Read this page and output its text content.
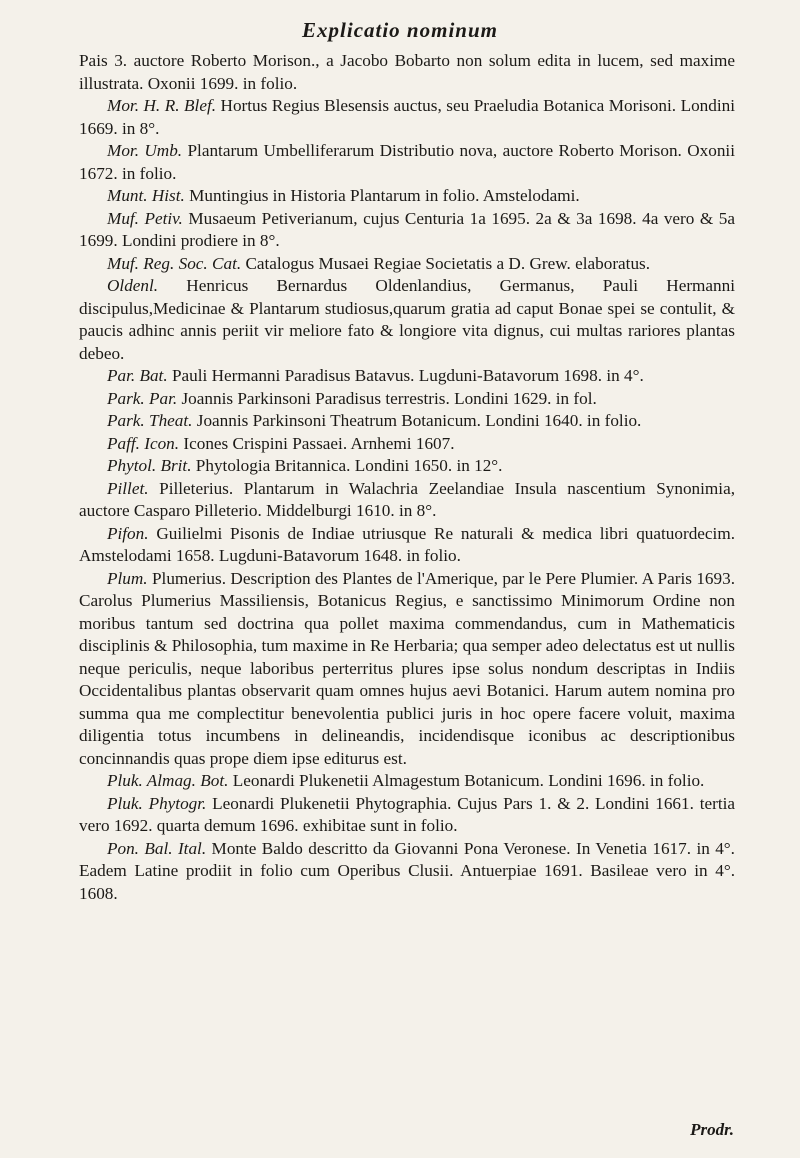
Explicatio nominum

Pais 3. auctore Roberto Morison., a Jacobo Bobarto non solum edita in lucem, sed maxime illustrata. Oxonii 1699. in folio.

Mor. H. R. Blef. Hortus Regius Blesensis auctus, seu Praeludia Botanica Morisoni. Londini 1669. in 8°.

Mor. Umb. Plantarum Umbelliferarum Distributio nova, auctore Roberto Morison. Oxonii 1672. in folio.

Munt. Hist. Muntingius in Historia Plantarum in folio. Amstelodami.

Muf. Petiv. Musaeum Petiverianum, cujus Centuria 1a 1695. 2a & 3a 1698. 4a vero & 5a 1699. Londini prodiere in 8°.

Muf. Reg. Soc. Cat. Catalogus Musaei Regiae Societatis a D. Grew. elaboratus.

Oldenl. Henricus Bernardus Oldenlandius, Germanus, Pauli Hermanni discipulus,Medicinae & Plantarum studiosus,quarum gratia ad caput Bonae spei se contulit, & paucis adhinc annis periit vir meliore fato & longiore vita dignus, cui multas rariores plantas debeo.

Par. Bat. Pauli Hermanni Paradisus Batavus. Lugduni-Batavorum 1698. in 4°.

Park. Par. Joannis Parkinsoni Paradisus terrestris. Londini 1629. in fol.

Park. Theat. Joannis Parkinsoni Theatrum Botanicum. Londini 1640. in folio.

Paff. Icon. Icones Crispini Passaei. Arnhemi 1607.

Phytol. Brit. Phytologia Britannica. Londini 1650. in 12°.

Pillet. Pilleterius. Plantarum in Walachria Zeelandiae Insula nascentium Synonimia, auctore Casparo Pilleterio. Middelburgi 1610. in 8°.

Pifon. Guilielmi Pisonis de Indiae utriusque Re naturali & medica libri quatuordecim. Amstelodami 1658. Lugduni-Batavorum 1648. in folio.

Plum. Plumerius. Description des Plantes de l'Amerique, par le Pere Plumier. A Paris 1693. Carolus Plumerius Massiliensis, Botanicus Regius, e sanctissimo Minimorum Ordine non moribus tantum sed doctrina qua pollet maxima commendandus, cum in Mathematicis disciplinis & Philosophia, tum maxime in Re Herbaria; qua semper adeo delectatus est ut nullis neque periculis, neque laboribus perterritus plures ipse solus nondum descriptas in Indiis Occidentalibus plantas observarit quam omnes hujus aevi Botanici. Harum autem nomina pro summa qua me complectitur benevolentia publici juris in hoc opere facere voluit, maxima diligentia totus incumbens in delineandis, incidendisque iconibus ac descriptionibus concinnandis quas prope diem ipse editurus est.

Pluk. Almag. Bot. Leonardi Plukenetii Almagestum Botanicum. Londini 1696. in folio.

Pluk. Phytogr. Leonardi Plukenetii Phytographia. Cujus Pars 1. & 2. Londini 1661. tertia vero 1692. quarta demum 1696. exhibitae sunt in folio.

Pon. Bal. Ital. Monte Baldo descritto da Giovanni Pona Veronese. In Venetia 1617. in 4°. Eadem Latine prodiit in folio cum Operibus Clusii. Antuerpiae 1691. Basileae vero in 4°. 1608.

Prodr.
